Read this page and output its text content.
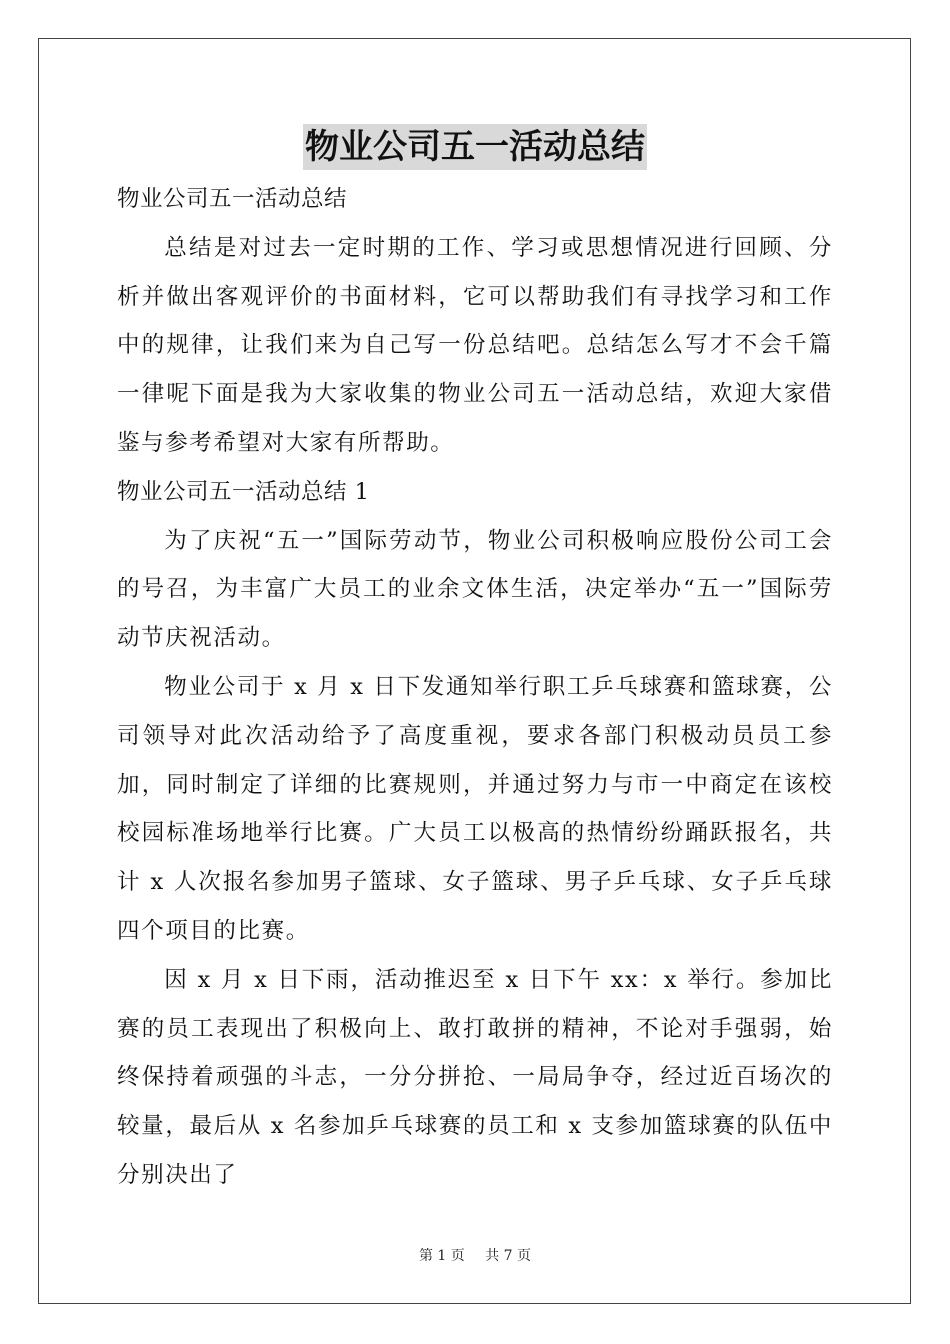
物业公司五一活动总结

物业公司五一活动总结

总结是对过去一定时期的工作、学习或思想情况进行回顾、分析并做出客观评价的书面材料，它可以帮助我们有寻找学习和工作中的规律，让我们来为自己写一份总结吧。总结怎么写才不会千篇一律呢下面是我为大家收集的物业公司五一活动总结，欢迎大家借鉴与参考希望对大家有所帮助。

物业公司五一活动总结 1

为了庆祝“五一”国际劳动节，物业公司积极响应股份公司工会的号召，为丰富广大员工的业余文体生活，决定举办“五一”国际劳动节庆祝活动。

物业公司于 x 月 x 日下发通知举行职工乒乓球赛和篮球赛，公司领导对此次活动给予了高度重视，要求各部门积极动员员工参加，同时制定了详细的比赛规则，并通过努力与市一中商定在该校校园标准场地举行比赛。广大员工以极高的热情纷纷踊跃报名，共计 x 人次报名参加男子篮球、女子篮球、男子乒乓球、女子乒乓球四个项目的比赛。

因 x 月 x 日下雨，活动推迟至 x 日下午 xx：x 举行。参加比赛的员工表现出了积极向上、敢打敢拼的精神，不论对手强弱，始终保持着顽强的斗志，一分分拼抢、一局局争夺，经过近百场次的较量，最后从 x 名参加乒乓球赛的员工和 x 支参加篮球赛的队伍中分别决出了

第 1 页 共 7 页
